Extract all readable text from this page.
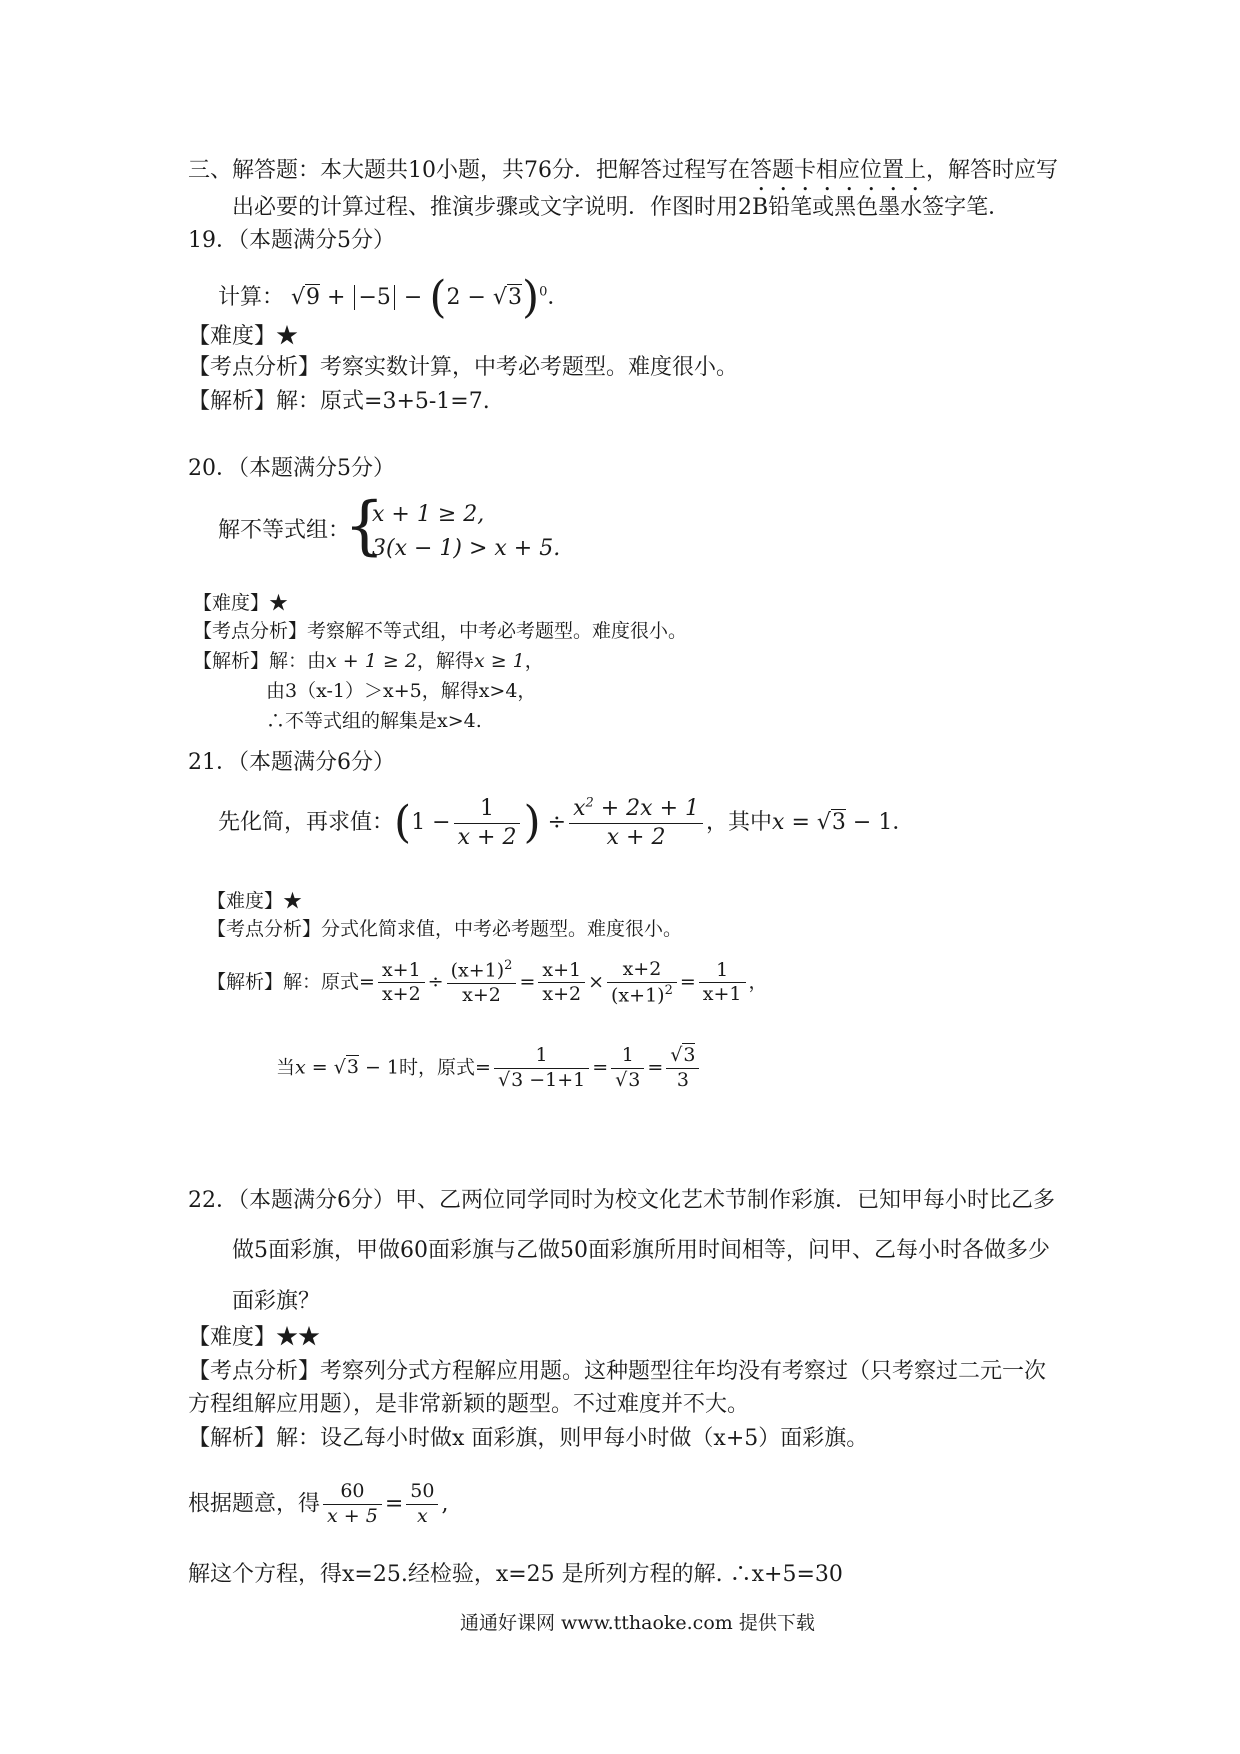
三、解答题：本大题共10小题，共76分．把解答过程写在答题卡相应位置上，解答时应写
出必要的计算过程、推演步骤或文字说明．作图时用2B铅笔或黑色墨水签字笔．
19．（本题满分5分）
计算： $√9 + -5 - (2 - √3)^0$．
【难度】★
【考点分析】考察实数计算，中考必考题型。难度很小。
【解析】解：原式=3+5-1=7.
20．（本题满分5分）
解不等式组：
{
x + 1 ≥ 2,
3(x − 1) > x + 5.
【难度】★
【考点分析】考察解不等式组，中考必考题型。难度很小。
【解析】解：由x + 1 ≥ 2，解得x ≥ 1，
由3（x-1）＞x+5，解得x>4，
∴不等式组的解集是x>4.
21．（本题满分6分）
先化简，再求值：($1 - \frac{1}{x + 2}$ ) ÷ $\frac{x^2 + 2x + 1}{x + 2}$ ，其中x = √3 − 1．
【难度】★
【考点分析】分式化简求值，中考必考题型。难度很小。
【解析】解：原式= $\frac{x+1}{x+2} \div \frac{(x+1)^2}{x+2} = \frac{x+1}{x+2} \times \frac{x+2}{(x+1)^2} = \frac{1}{x+1}$ ，
当x = √3 − 1时，原式= $\frac{1}{√3 -1+1} = \frac{1}{√3} = \frac{√3}{3}$
22．（本题满分6分）甲、乙两位同学同时为校文化艺术节制作彩旗．已知甲每小时比乙多
做5面彩旗，甲做60面彩旗与乙做50面彩旗所用时间相等，问甲、乙每小时各做多少
面彩旗？
【难度】★★
【考点分析】考察列分式方程解应用题。这种题型往年均没有考察过（只考察过二元一次
方程组解应用题），是非常新颖的题型。不过难度并不大。
【解析】解：设乙每小时做x 面彩旗，则甲每小时做（x+5）面彩旗。
根据题意，得 $\frac{60}{x + 5} = \frac{50}{x}$ ,
解这个方程，得x=25.经检验，x=25 是所列方程的解. ∴x+5=30
通通好课网 www.tthaoke.com 提供下载
